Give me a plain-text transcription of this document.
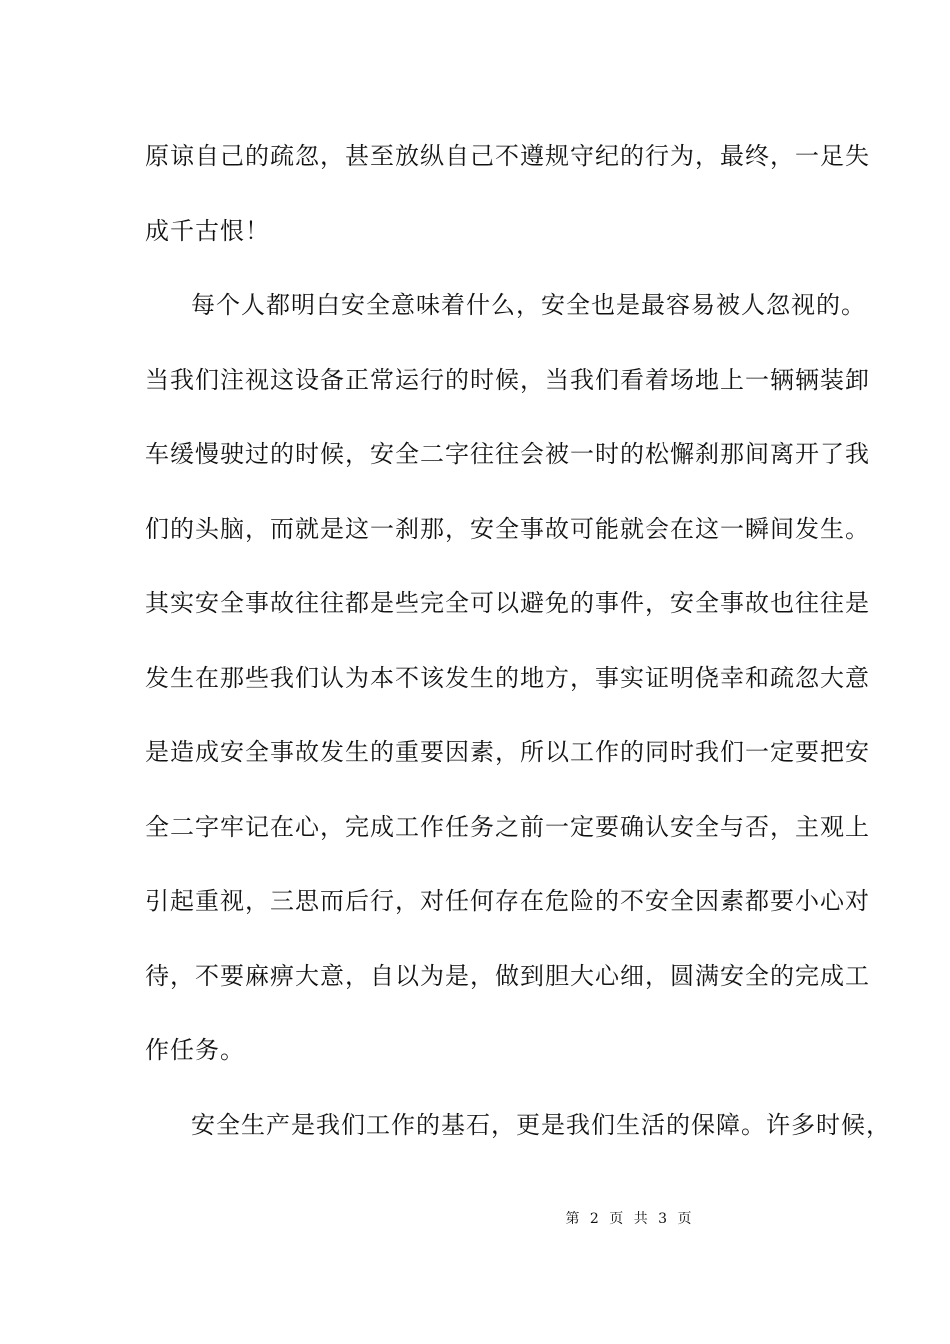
原谅自己的疏忽，甚至放纵自己不遵规守纪的行为，最终，一足失
成千古恨！
每个人都明白安全意味着什么，安全也是最容易被人忽视的。
当我们注视这设备正常运行的时候，当我们看着场地上一辆辆装卸
车缓慢驶过的时候，安全二字往往会被一时的松懈刹那间离开了我
们的头脑，而就是这一刹那，安全事故可能就会在这一瞬间发生。
其实安全事故往往都是些完全可以避免的事件，安全事故也往往是
发生在那些我们认为本不该发生的地方，事实证明侥幸和疏忽大意
是造成安全事故发生的重要因素，所以工作的同时我们一定要把安
全二字牢记在心，完成工作任务之前一定要确认安全与否，主观上
引起重视，三思而后行，对任何存在危险的不安全因素都要小心对
待，不要麻痹大意，自以为是，做到胆大心细，圆满安全的完成工
作任务。
安全生产是我们工作的基石，更是我们生活的保障。许多时候，
第 2 页 共 3 页
